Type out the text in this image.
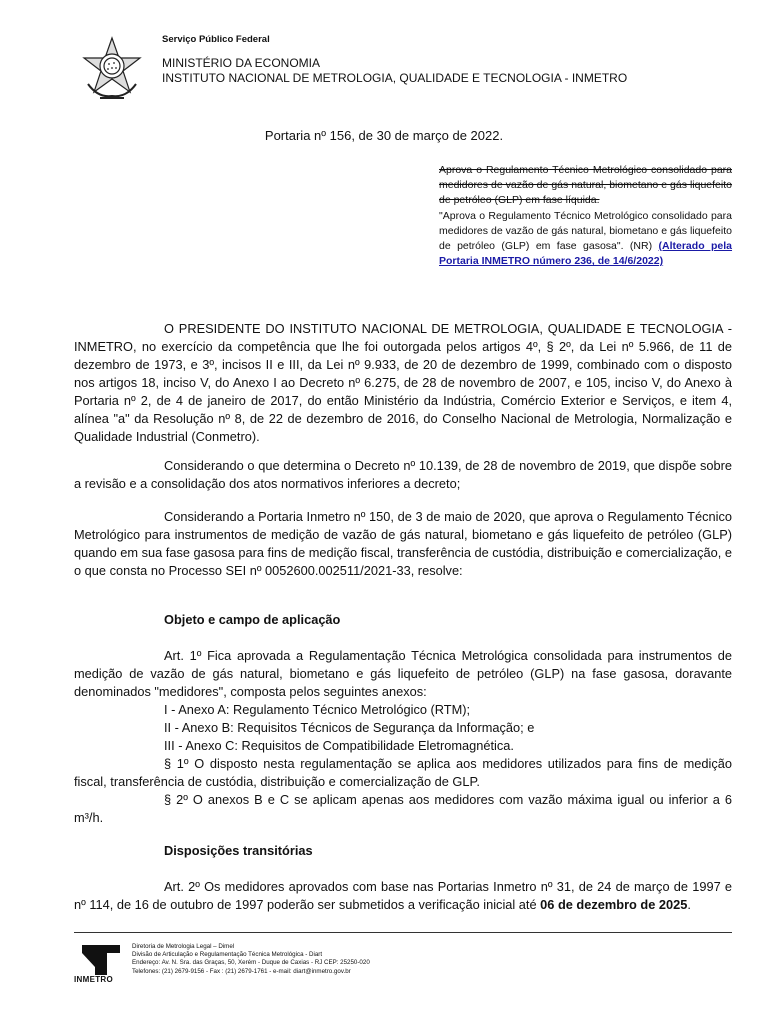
Serviço Público Federal
MINISTÉRIO DA ECONOMIA
INSTITUTO NACIONAL DE METROLOGIA, QUALIDADE E TECNOLOGIA - INMETRO
Portaria nº 156, de 30 de março de 2022.
Aprova o Regulamento Técnico Metrológico consolidado para medidores de vazão de gás natural, biometano e gás liquefeito de petróleo (GLP) em fase líquida.
"Aprova o Regulamento Técnico Metrológico consolidado para medidores de vazão de gás natural, biometano e gás liquefeito de petróleo (GLP) em fase gasosa". (NR) (Alterado pela Portaria INMETRO número 236, de 14/6/2022)
O PRESIDENTE DO INSTITUTO NACIONAL DE METROLOGIA, QUALIDADE E TECNOLOGIA - INMETRO, no exercício da competência que lhe foi outorgada pelos artigos 4º, § 2º, da Lei nº 5.966, de 11 de dezembro de 1973, e 3º, incisos II e III, da Lei nº 9.933, de 20 de dezembro de 1999, combinado com o disposto nos artigos 18, inciso V, do Anexo I ao Decreto nº 6.275, de 28 de novembro de 2007, e 105, inciso V, do Anexo à Portaria nº 2, de 4 de janeiro de 2017, do então Ministério da Indústria, Comércio Exterior e Serviços, e item 4, alínea "a" da Resolução nº 8, de 22 de dezembro de 2016, do Conselho Nacional de Metrologia, Normalização e Qualidade Industrial (Conmetro).
Considerando o que determina o Decreto nº 10.139, de 28 de novembro de 2019, que dispõe sobre a revisão e a consolidação dos atos normativos inferiores a decreto;
Considerando a Portaria Inmetro nº 150, de 3 de maio de 2020, que aprova o Regulamento Técnico Metrológico para instrumentos de medição de vazão de gás natural, biometano e gás liquefeito de petróleo (GLP) quando em sua fase gasosa para fins de medição fiscal, transferência de custódia, distribuição e comercialização, e o que consta no Processo SEI nº 0052600.002511/2021-33, resolve:
Objeto e campo de aplicação
Art. 1º Fica aprovada a Regulamentação Técnica Metrológica consolidada para instrumentos de medição de vazão de gás natural, biometano e gás liquefeito de petróleo (GLP) na fase gasosa, doravante denominados "medidores", composta pelos seguintes anexos:
I - Anexo A: Regulamento Técnico Metrológico (RTM);
II - Anexo B: Requisitos Técnicos de Segurança da Informação; e
III - Anexo C: Requisitos de Compatibilidade Eletromagnética.
§ 1º O disposto nesta regulamentação se aplica aos medidores utilizados para fins de medição fiscal, transferência de custódia, distribuição e comercialização de GLP.
§ 2º O anexos B e C se aplicam apenas aos medidores com vazão máxima igual ou inferior a 6 m³/h.
Disposições transitórias
Art. 2º Os medidores aprovados com base nas Portarias Inmetro nº 31, de 24 de março de 1997 e nº 114, de 16 de outubro de 1997 poderão ser submetidos a verificação inicial até 06 de dezembro de 2025.
INMETRO
Diretoria de Metrologia Legal – Dimel
Divisão de Articulação e Regulamentação Técnica Metrológica - Diart
Endereço: Av. N. Sra. das Graças, 50, Xerém - Duque de Caxias - RJ CEP: 25250-020
Telefones: (21) 2679-9156 - Fax : (21) 2679-1761 - e-mail: diart@inmetro.gov.br
